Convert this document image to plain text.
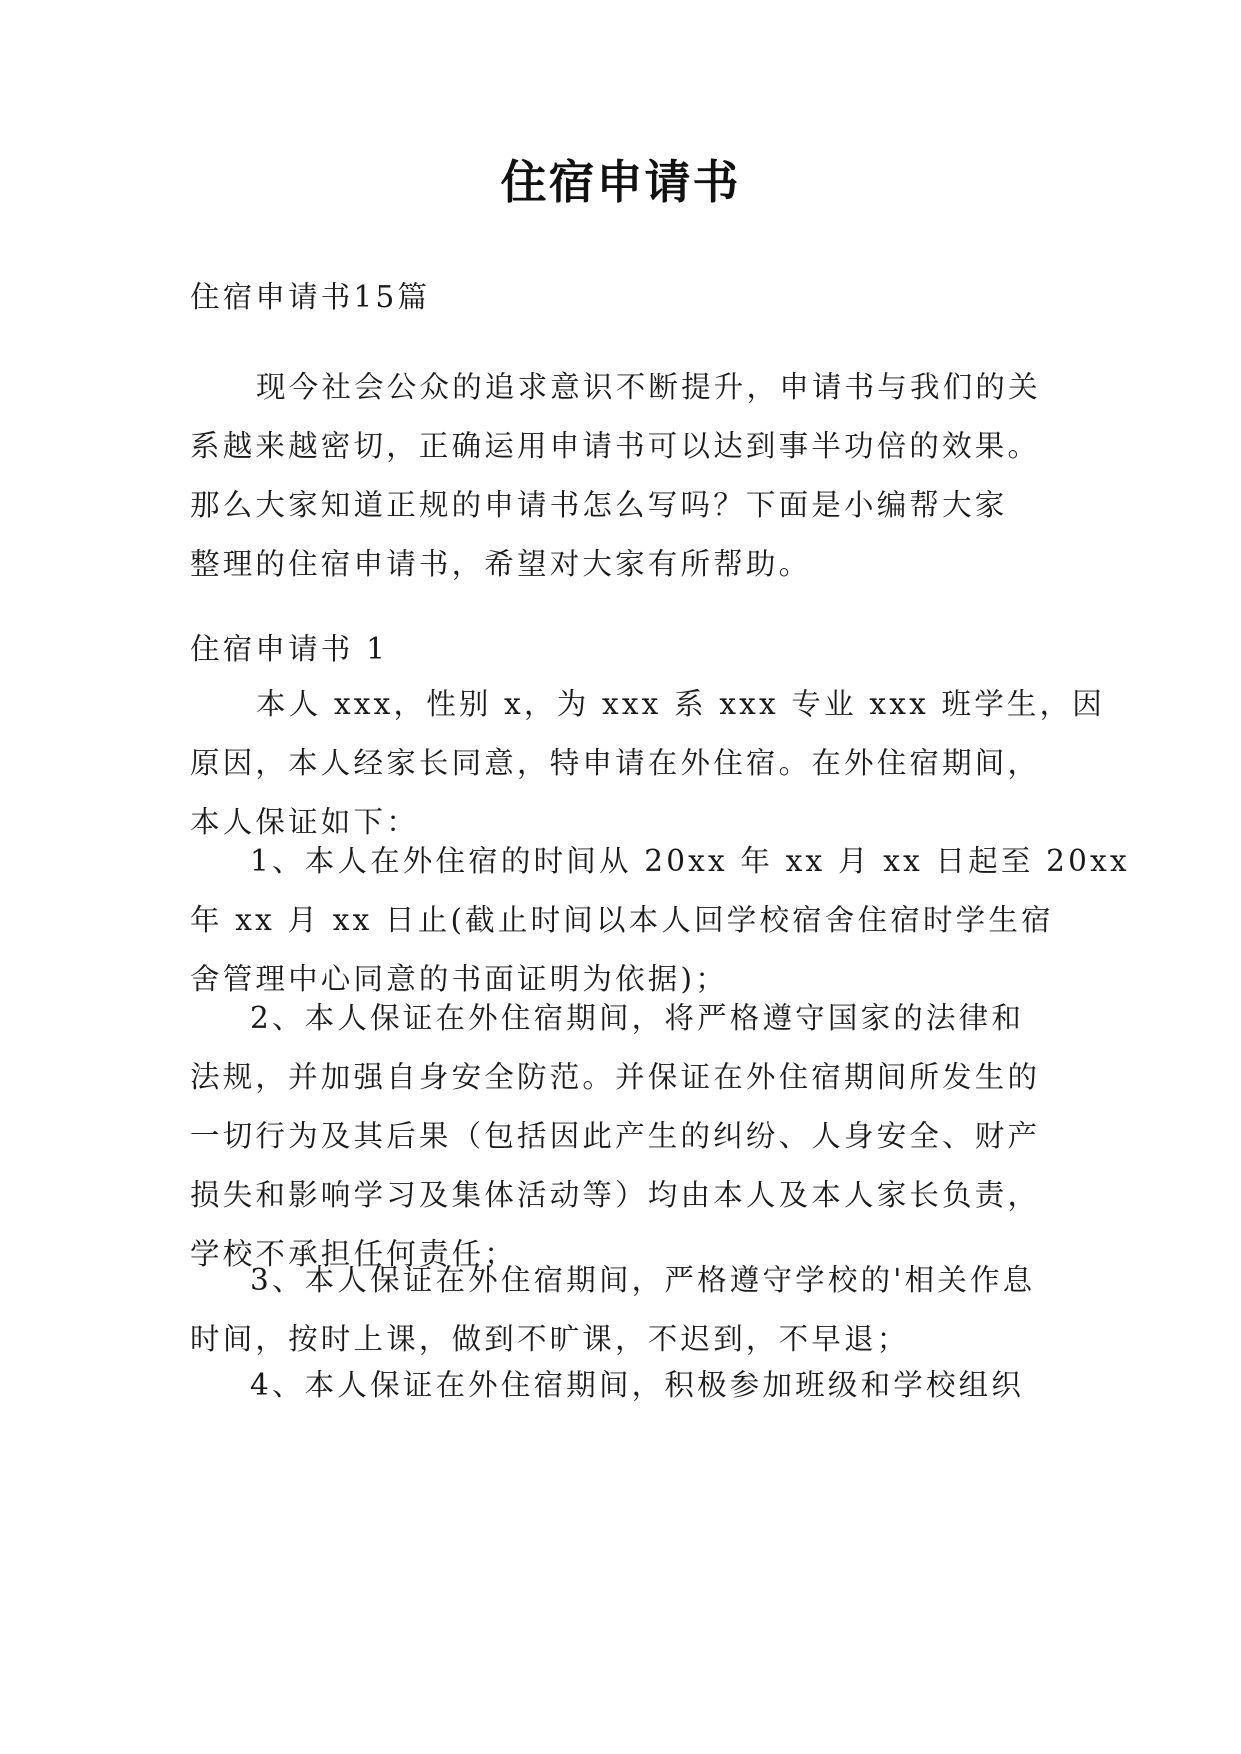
住宿申请书
住宿申请书15篇
现今社会公众的追求意识不断提升，申请书与我们的关
系越来越密切，正确运用申请书可以达到事半功倍的效果。
那么大家知道正规的申请书怎么写吗？下面是小编帮大家
整理的住宿申请书，希望对大家有所帮助。
住宿申请书 1
本人 xxx，性别 x，为 xxx 系 xxx 专业 xxx 班学生，因
原因，本人经家长同意，特申请在外住宿。在外住宿期间，
本人保证如下：
1、本人在外住宿的时间从 20xx 年 xx 月 xx 日起至 20xx
年 xx 月 xx 日止(截止时间以本人回学校宿舍住宿时学生宿
舍管理中心同意的书面证明为依据)；
2、本人保证在外住宿期间，将严格遵守国家的法律和
法规，并加强自身安全防范。并保证在外住宿期间所发生的
一切行为及其后果（包括因此产生的纠纷、人身安全、财产
损失和影响学习及集体活动等）均由本人及本人家长负责，
学校不承担任何责任；
3、本人保证在外住宿期间，严格遵守学校的'相关作息
时间，按时上课，做到不旷课，不迟到，不早退；
4、本人保证在外住宿期间，积极参加班级和学校组织
